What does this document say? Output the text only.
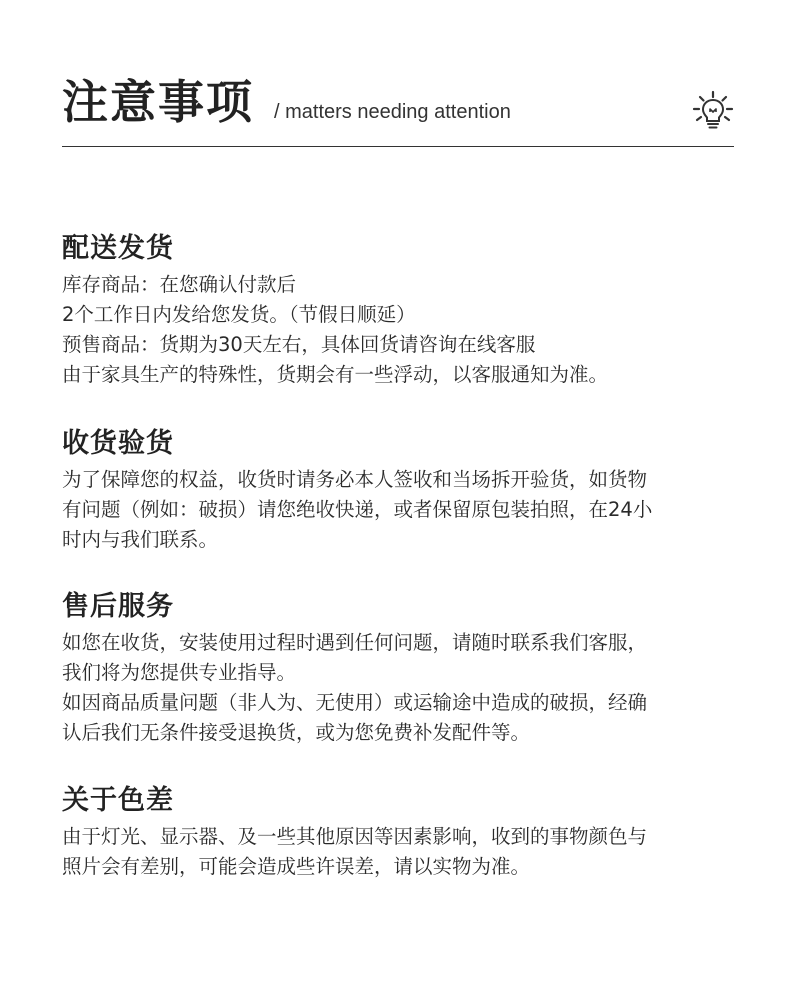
注意事项 / matters needing attention
配送发货
库存商品：在您确认付款后
2个工作日内发给您发货。（节假日顺延）
预售商品：货期为30天左右，具体回货请咨询在线客服
由于家具生产的特殊性，货期会有一些浮动，以客服通知为准。
收货验货
为了保障您的权益，收货时请务必本人签收和当场拆开验货，如货物
有问题（例如：破损）请您绝收快递，或者保留原包装拍照，在24小
时内与我们联系。
售后服务
如您在收货，安装使用过程时遇到任何问题，请随时联系我们客服，
我们将为您提供专业指导。
如因商品质量问题（非人为、无使用）或运输途中造成的破损，经确
认后我们无条件接受退换货，或为您免费补发配件等。
关于色差
由于灯光、显示器、及一些其他原因等因素影响，收到的事物颜色与
照片会有差别，可能会造成些许误差，请以实物为准。
